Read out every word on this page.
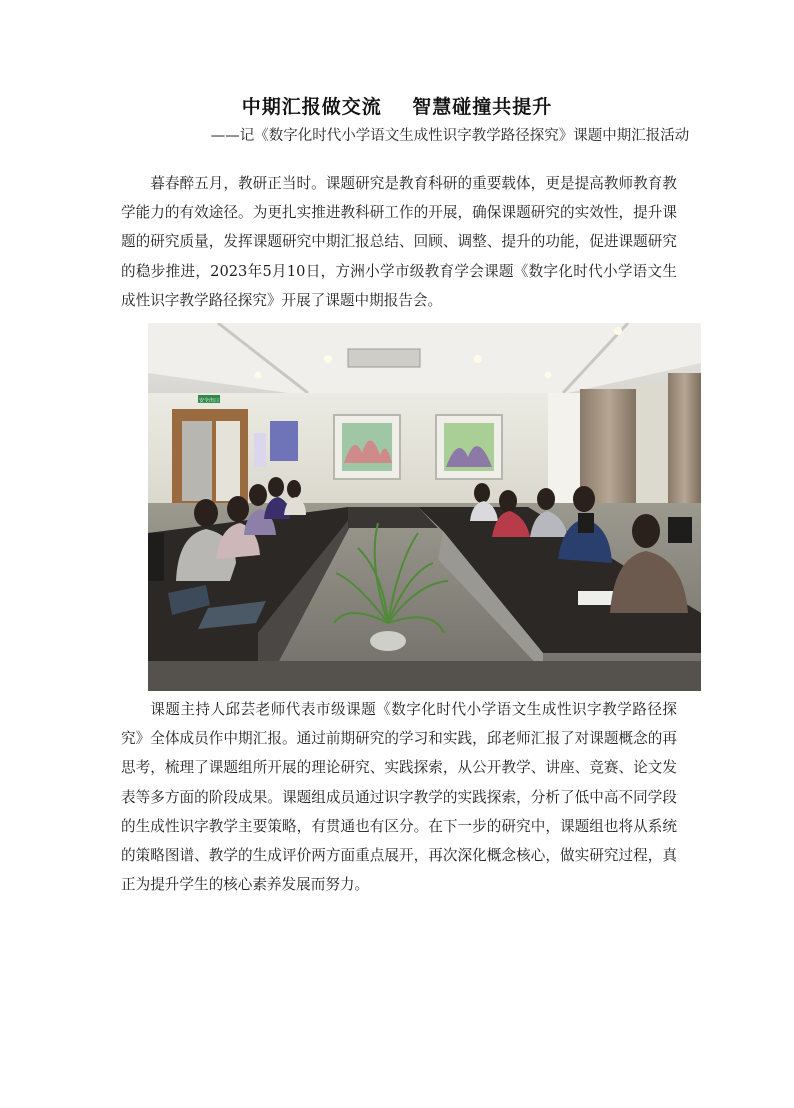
中期汇报做交流    智慧碰撞共提升
——记《数字化时代小学语文生成性识字教学路径探究》课题中期汇报活动

暮春醉五月，教研正当时。课题研究是教育科研的重要载体，更是提高教师教育教学能力的有效途径。为更扎实推进教科研工作的开展，确保课题研究的实效性，提升课题的研究质量，发挥课题研究中期汇报总结、回顾、调整、提升的功能，促进课题研究的稳步推进，2023年5月10日，方洲小学市级教育学会课题《数字化时代小学语文生成性识字教学路径探究》开展了课题中期报告会。

安全出口

课题主持人邱芸老师代表市级课题《数字化时代小学语文生成性识字教学路径探究》全体成员作中期汇报。通过前期研究的学习和实践，邱老师汇报了对课题概念的再思考，梳理了课题组所开展的理论研究、实践探索，从公开教学、讲座、竞赛、论文发表等多方面的阶段成果。课题组成员通过识字教学的实践探索，分析了低中高不同学段的生成性识字教学主要策略，有贯通也有区分。在下一步的研究中，课题组也将从系统的策略图谱、教学的生成评价两方面重点展开，再次深化概念核心，做实研究过程，真正为提升学生的核心素养发展而努力。
